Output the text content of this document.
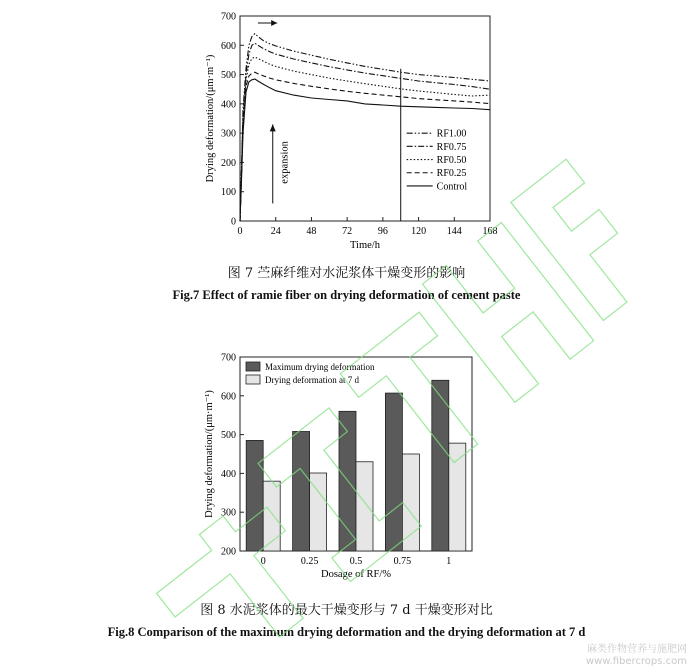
0	24	48	72	96 120 144 168
0
100
200
300
400
500
600
700
Time/h
Drying deformation/(μm·m⁻¹)	expansion
RF1.00
RF0.75
RF0.50
RF0.25
Control
图 7 苎麻纤维对水泥浆体干燥变形的影响
Fig.7 Effect of ramie fiber on drying deformation of cement paste
200
300
400
500
600
700
0	0.25	0.5	0.75	1
Dosage of RF/%
Drying deformation/(μm·m⁻¹)
Maximum drying deformation
Drying deformation at 7 d
图 8 水泥浆体的最大干燥变形与 7 d 干燥变形对比
Fig.8 Comparison of the maximum drying deformation and the drying deformation at 7 d
麻类作物营养与施肥网
www.fibercrops.com
